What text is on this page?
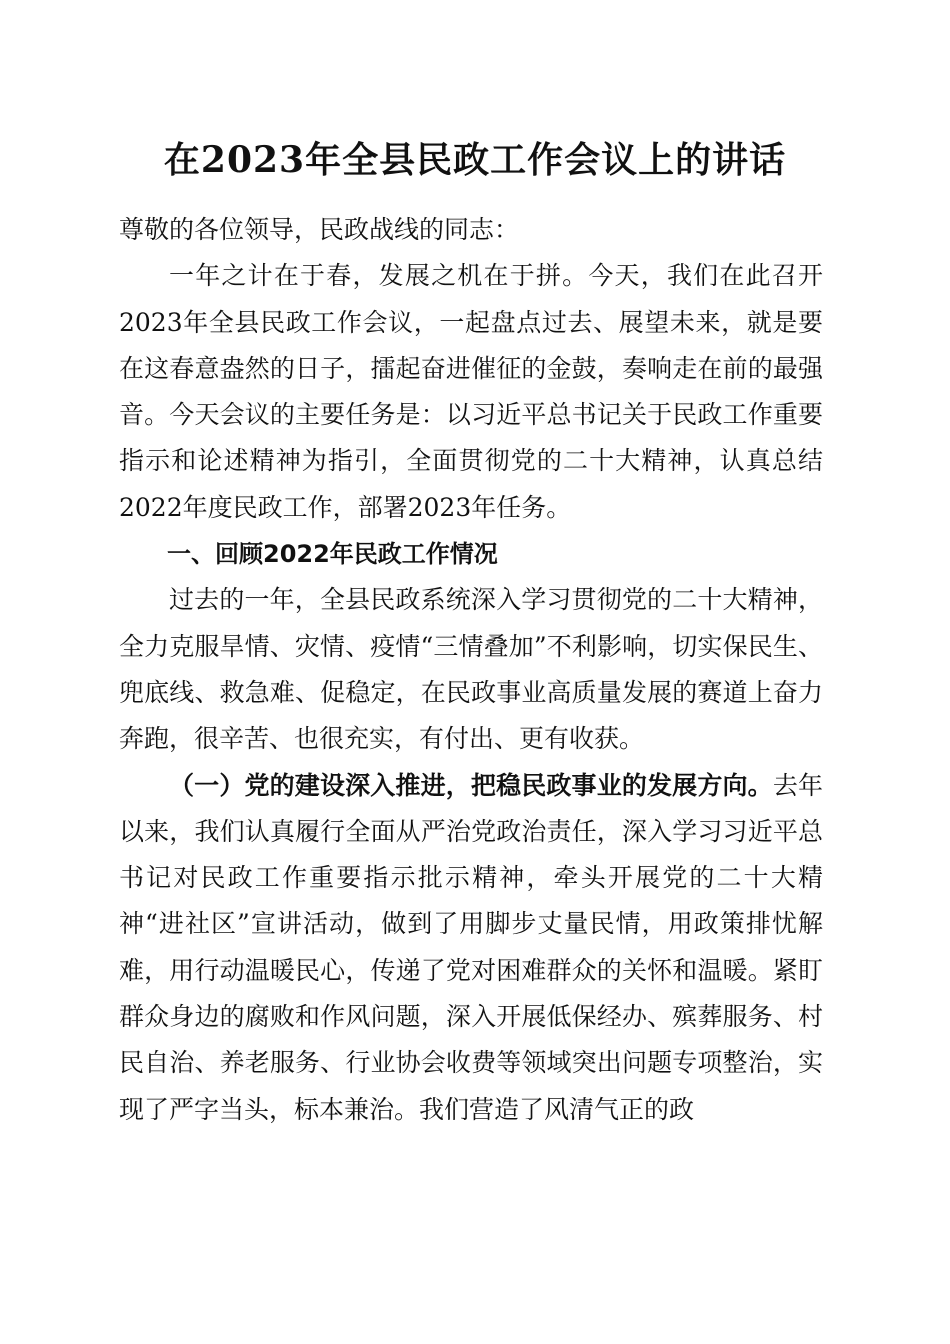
在2023年全县民政工作会议上的讲话

尊敬的各位领导，民政战线的同志：

一年之计在于春，发展之机在于拼。今天，我们在此召开2023年全县民政工作会议，一起盘点过去、展望未来，就是要在这春意盎然的日子，擂起奋进催征的金鼓，奏响走在前的最强音。今天会议的主要任务是：以习近平总书记关于民政工作重要指示和论述精神为指引，全面贯彻党的二十大精神，认真总结2022年度民政工作，部署2023年任务。

一、回顾2022年民政工作情况

过去的一年，全县民政系统深入学习贯彻党的二十大精神，全力克服旱情、灾情、疫情“三情叠加”不利影响，切实保民生、兜底线、救急难、促稳定，在民政事业高质量发展的赛道上奋力奔跑，很辛苦、也很充实，有付出、更有收获。

（一）党的建设深入推进，把稳民政事业的发展方向。去年以来，我们认真履行全面从严治党政治责任，深入学习习近平总书记对民政工作重要指示批示精神，牵头开展党的二十大精神“进社区”宣讲活动，做到了用脚步丈量民情，用政策排忧解难，用行动温暖民心，传递了党对困难群众的关怀和温暖。紧盯群众身边的腐败和作风问题，深入开展低保经办、殡葬服务、村民自治、养老服务、行业协会收费等领域突出问题专项整治，实现了严字当头，标本兼治。我们营造了风清气正的政
